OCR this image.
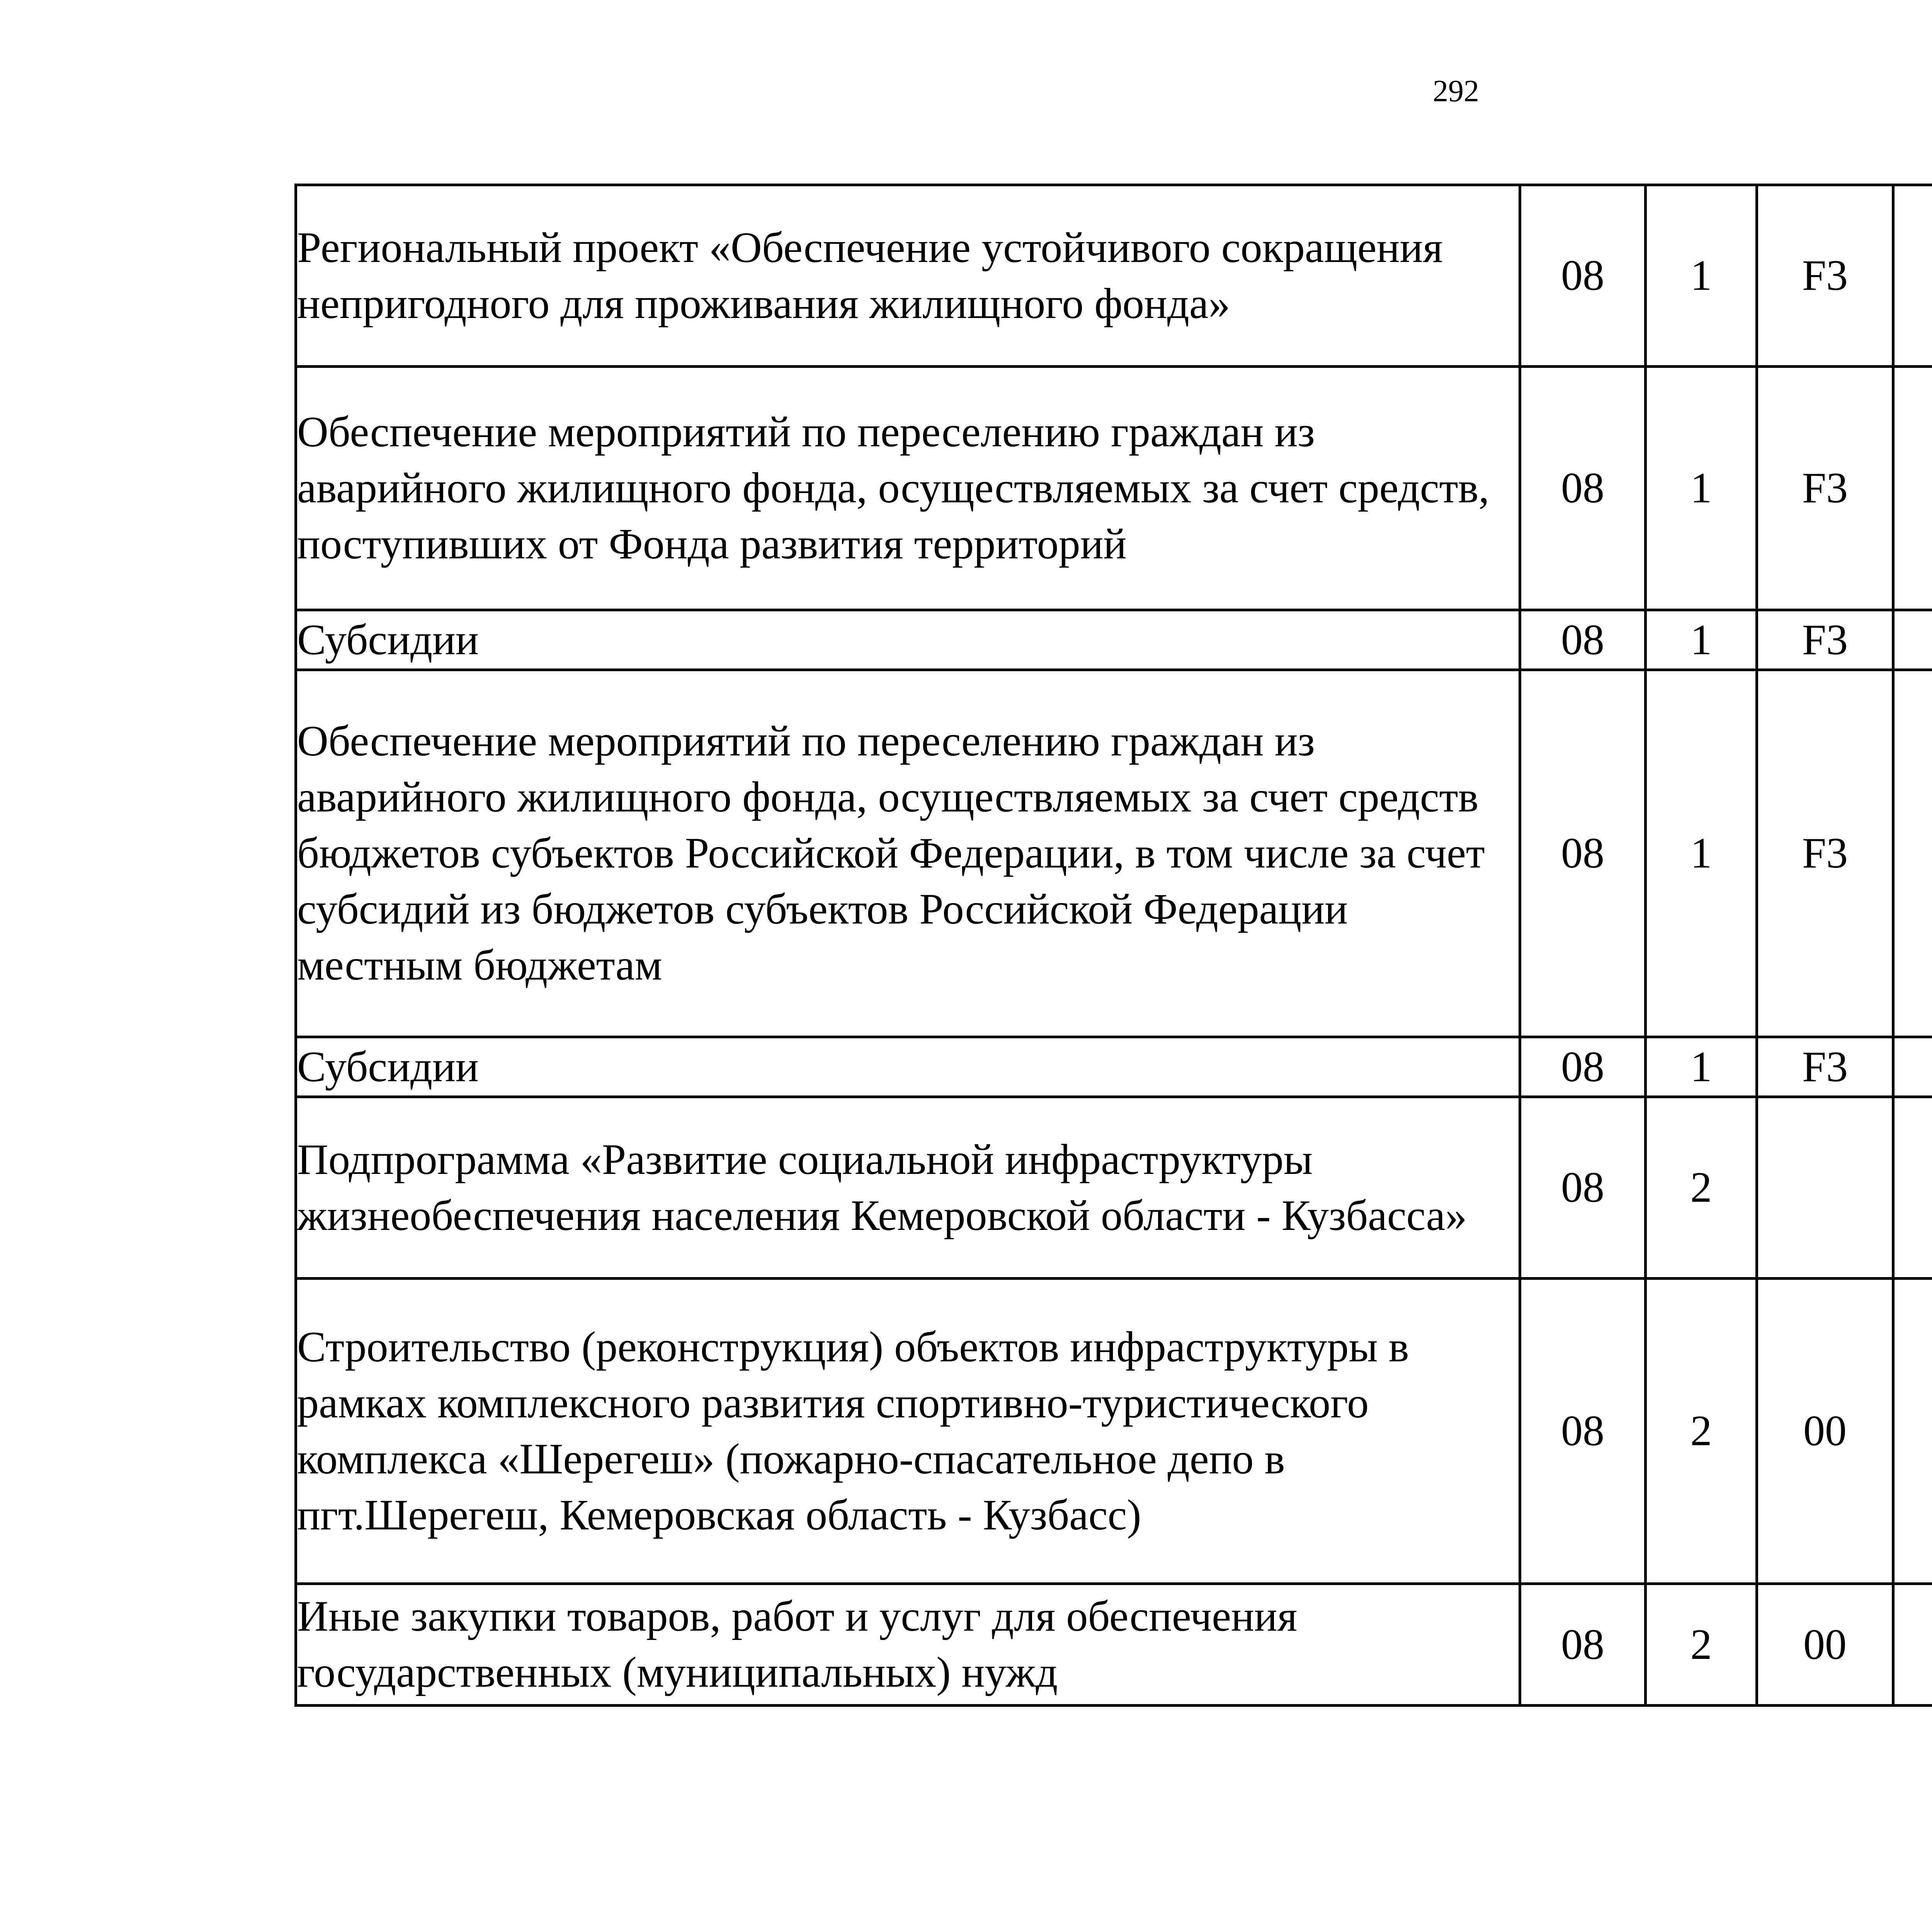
292
Региональный проект «Обеспечение устойчивого сокращения непригодного для проживания жилищного фонда»	08	1	F3			
Обеспечение мероприятий по переселению граждан из аварийного жилищного фонда, осуществляемых за счет средств, поступивших от Фонда развития территорий	08	1	F3			
Субсидии	08	1	F3			
Обеспечение мероприятий по переселению граждан из аварийного жилищного фонда, осуществляемых за счет средств бюджетов субъектов Российской Федерации, в том числе за счет субсидий из бюджетов субъектов Российской Федерации местным бюджетам	08	1	F3			
Субсидии	08	1	F3			
Подпрограмма «Развитие социальной инфраструктуры жизнеобеспечения населения Кемеровской области - Кузбасса»	08	2				
Строительство (реконструкция) объектов инфраструктуры в рамках комплексного развития спортивно-туристического комплекса «Шерегеш» (пожарно-спасательное депо в пгт.Шерегеш, Кемеровская область - Кузбасс)	08	2	00			
Иные закупки товаров, работ и услуг для обеспечения государственных (муниципальных) нужд	08	2	00			
